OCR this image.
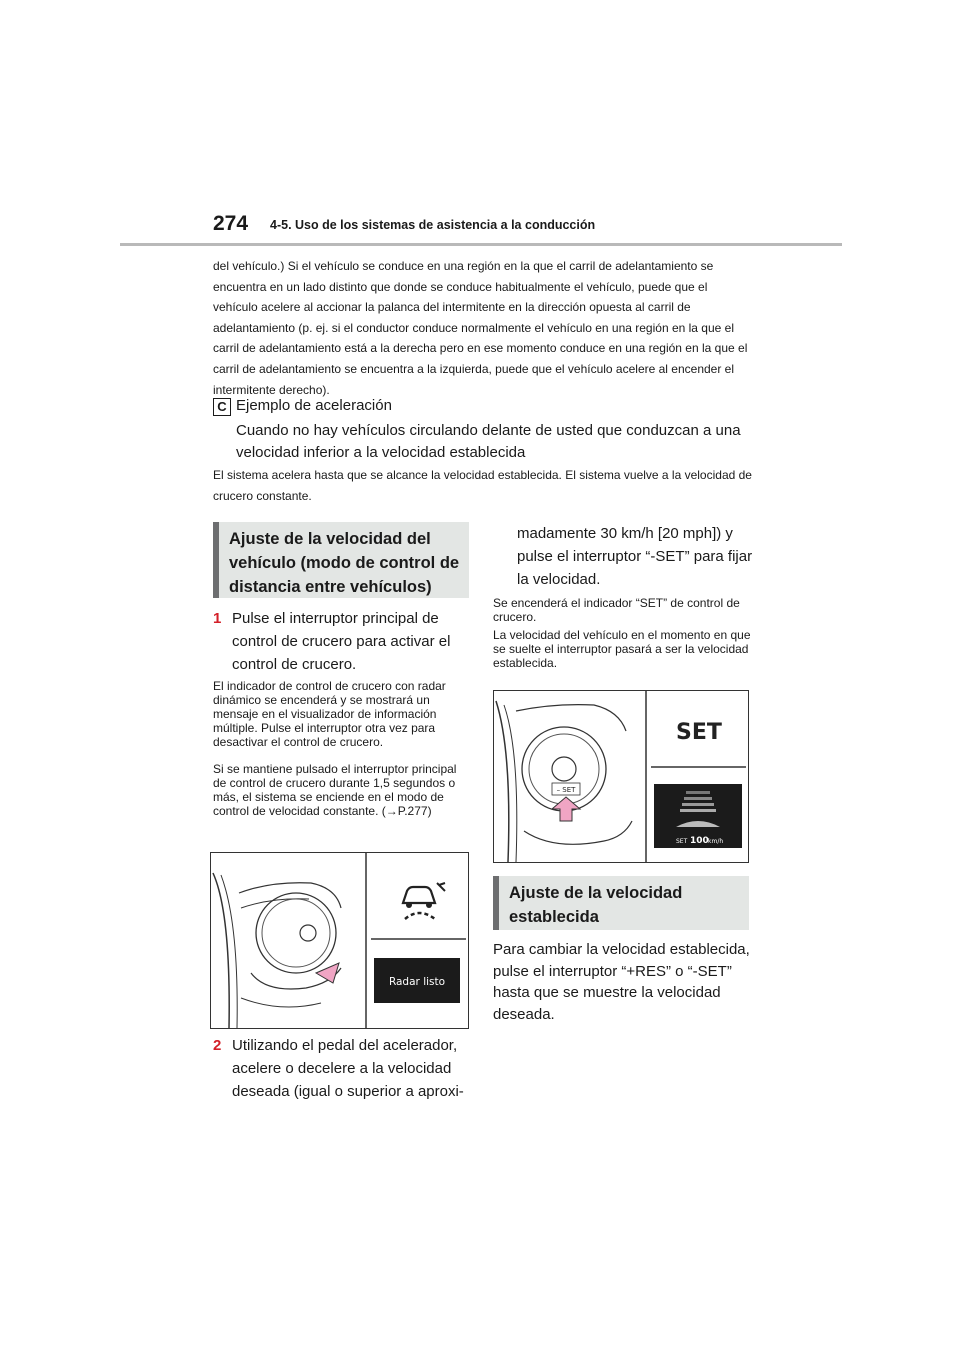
274 4-5. Uso de los sistemas de asistencia a la conducción

del vehículo.) Si el vehículo se conduce en una región en la que el carril de adelantamiento se encuentra en un lado distinto que donde se conduce habitualmente el vehículo, puede que el vehículo acelere al accionar la palanca del intermitente en la dirección opuesta al carril de adelantamiento (p. ej. si el conductor conduce normalmente el vehículo en una región en la que el carril de adelantamiento está a la derecha pero en ese momento conduce en una región en la que el carril de adelantamiento se encuentra a la izquierda, puede que el vehículo acelere al encender el intermitente derecho).

C Ejemplo de aceleración

Cuando no hay vehículos circulando delante de usted que conduzcan a una velocidad inferior a la velocidad establecida

El sistema acelera hasta que se alcance la velocidad establecida. El sistema vuelve a la velocidad de crucero constante.

Ajuste de la velocidad del vehículo (modo de control de distancia entre vehículos)
1 Pulse el interruptor principal de control de crucero para activar el control de crucero.

El indicador de control de crucero con radar dinámico se encenderá y se mostrará un mensaje en el visualizador de información múltiple. Pulse el interruptor otra vez para desactivar el control de crucero.

Si se mantiene pulsado el interruptor principal de control de crucero durante 1,5 segundos o más, el sistema se enciende en el modo de control de velocidad constante. (→P.277)

Radar listo
2 Utilizando el pedal del acelerador, acelere o decelere a la velocidad deseada (igual o superior a aproxi-

madamente 30 km/h [20 mph]) y pulse el interruptor “-SET” para fijar la velocidad.

Se encenderá el indicador “SET” de control de crucero.

La velocidad del vehículo en el momento en que se suelte el interruptor pasará a ser la velocidad establecida.

– SET
SET
SET 100 km/h
Ajuste de la velocidad establecida

Para cambiar la velocidad establecida, pulse el interruptor “+RES” o “-SET” hasta que se muestre la velocidad deseada.
